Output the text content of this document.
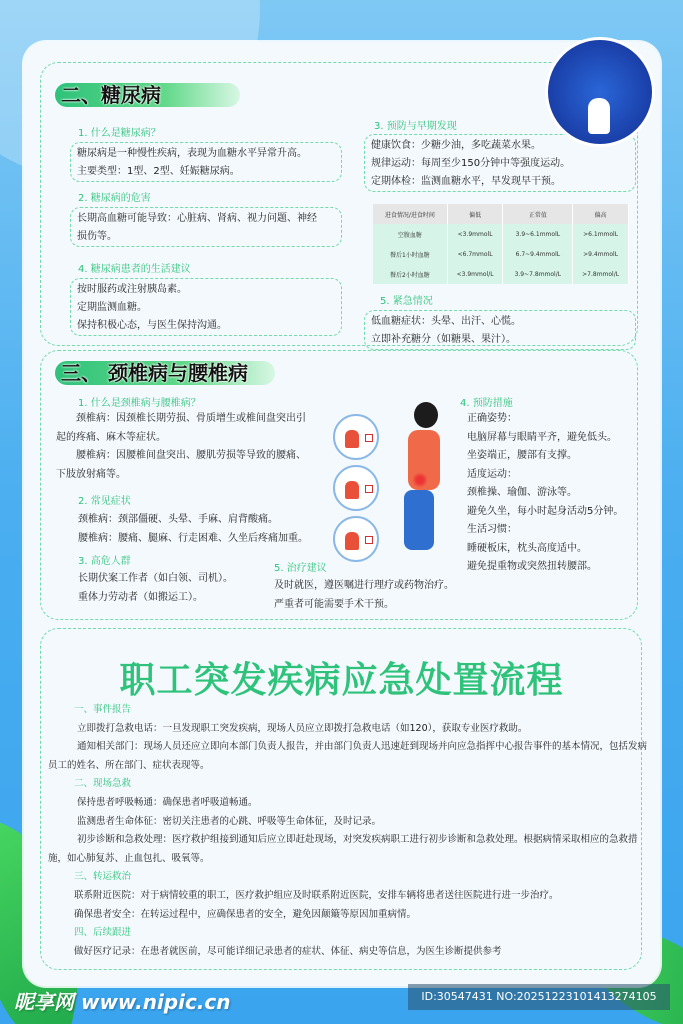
二、糖尿病
1. 什么是糖尿病？

糖尿病是一种慢性疾病，表现为血糖水平异常升高。

主要类型：1型、2型、妊娠糖尿病。

2. 糖尿病的危害

长期高血糖可能导致：心脏病、肾病、视力问题、神经

损伤等。

4. 糖尿病患者的生活建议

按时服药或注射胰岛素。

定期监测血糖。

保持积极心态，与医生保持沟通。

3. 预防与早期发现

健康饮食：少糖少油，多吃蔬菜水果。

规律运动：每周至少150分钟中等强度运动。

定期体检：监测血糖水平，早发现早干预。

进食情况/进食时间	偏低	正常值	偏高
空腹血糖	<3.9mmolL	3.9~6.1mmolL	>6.1mmolL
餐后1小时血糖	<6.7mmolL	6.7~9.4mmolL	>9.4mmolL
餐后2小时血糖	<3.9mmol/L	3.9~7.8mmol/L	>7.8mmol/L
5. 紧急情况

低血糖症状：头晕、出汗、心慌。

立即补充糖分（如糖果、果汁）。

三、 颈椎病与腰椎病
1. 什么是颈椎病与腰椎病？

颈椎病：因颈椎长期劳损、骨质增生或椎间盘突出引

起的疼痛、麻木等症状。

腰椎病：因腰椎间盘突出、腰肌劳损等导致的腰痛、

下肢放射痛等。

2. 常见症状

颈椎病：颈部僵硬、头晕、手麻、肩背酸痛。

腰椎病：腰痛、腿麻、行走困难、久坐后疼痛加重。

3. 高危人群

长期伏案工作者（如白领、司机）。

重体力劳动者（如搬运工）。

5. 治疗建议

及时就医，遵医嘱进行理疗或药物治疗。

严重者可能需要手术干预。

4. 预防措施

正确姿势：

电脑屏幕与眼睛平齐，避免低头。

坐姿端正，腰部有支撑。

适度运动：

颈椎操、瑜伽、游泳等。

避免久坐，每小时起身活动5分钟。

生活习惯：

睡硬板床，枕头高度适中。

避免提重物或突然扭转腰部。

职工突发疾病应急处置流程

一、事件报告

立即拨打急救电话：一旦发现职工突发疾病，现场人员应立即拨打急救电话（如120），获取专业医疗救助。

通知相关部门：现场人员还应立即向本部门负责人报告，并由部门负责人迅速赶到现场并向应急指挥中心报告事件的基本情况，包括发病员工的姓名、所在部门、症状表现等。

二、现场急救

保持患者呼吸畅通：确保患者呼吸道畅通。

监测患者生命体征：密切关注患者的心跳、呼吸等生命体征，及时记录。

初步诊断和急救处理：医疗救护组接到通知后应立即赶赴现场，对突发疾病职工进行初步诊断和急救处理。根据病情采取相应的急救措施，如心肺复苏、止血包扎、吸氧等。

三、转运救治

联系附近医院：对于病情较重的职工，医疗救护组应及时联系附近医院，安排车辆将患者送往医院进行进一步治疗。

确保患者安全：在转运过程中，应确保患者的安全，避免因颠簸等原因加重病情。

四、后续跟进

做好医疗记录：在患者就医前，尽可能详细记录患者的症状、体征、病史等信息，为医生诊断提供参考

昵享网 www.nipic.cn	ID:30547431 NO:20251223101413274105
